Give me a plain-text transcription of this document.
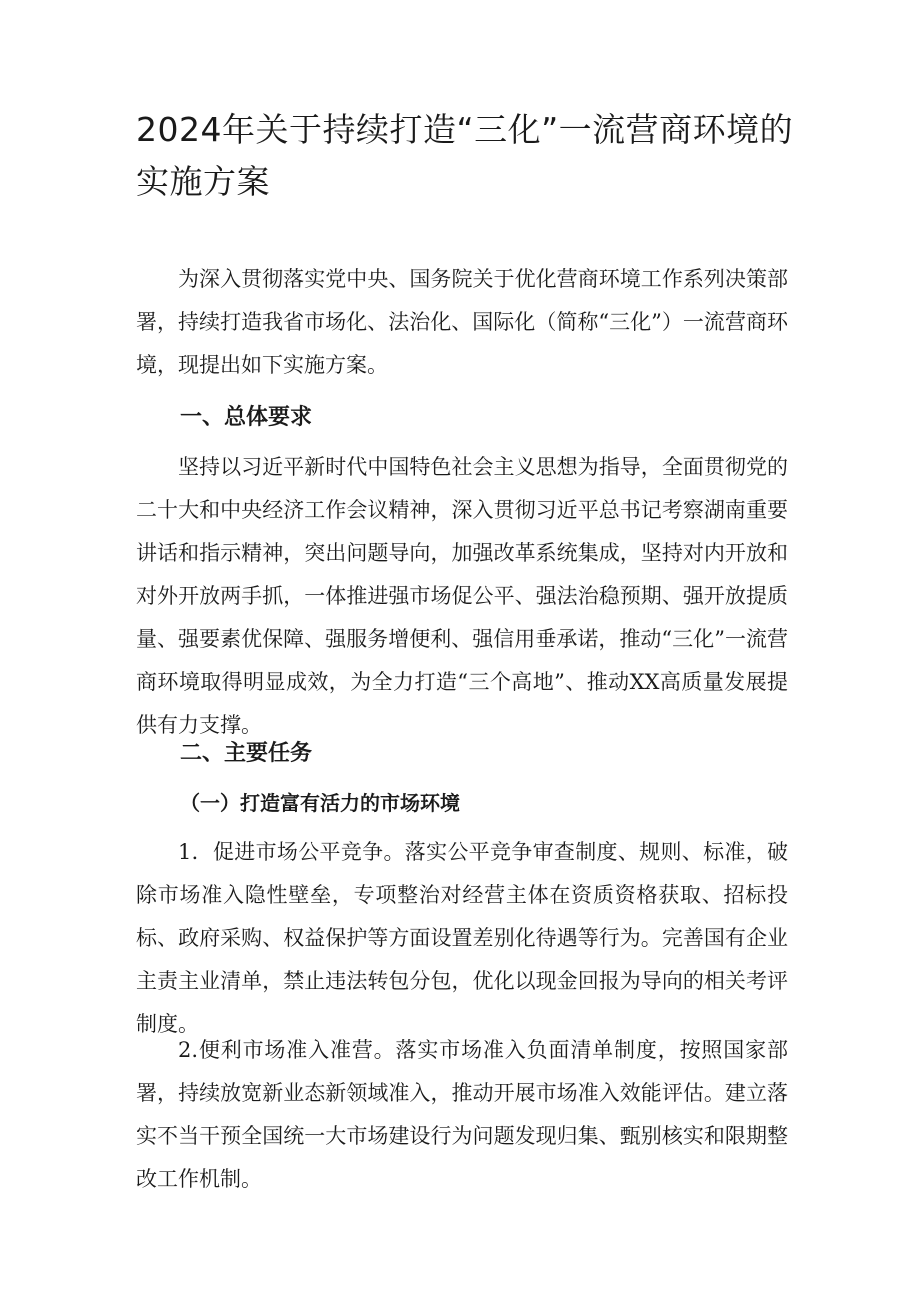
2024年关于持续打造“三化”一流营商环境的实施方案

为深入贯彻落实党中央、国务院关于优化营商环境工作系列决策部署，持续打造我省市场化、法治化、国际化（简称“三化”）一流营商环境，现提出如下实施方案。

一、总体要求

坚持以习近平新时代中国特色社会主义思想为指导，全面贯彻党的二十大和中央经济工作会议精神，深入贯彻习近平总书记考察湖南重要讲话和指示精神，突出问题导向，加强改革系统集成，坚持对内开放和对外开放两手抓，一体推进强市场促公平、强法治稳预期、强开放提质量、强要素优保障、强服务增便利、强信用垂承诺，推动“三化”一流营商环境取得明显成效，为全力打造“三个高地”、推动XX高质量发展提供有力支撑。

二、主要任务
（一）打造富有活力的市场环境

1．促进市场公平竞争。落实公平竞争审查制度、规则、标准，破除市场准入隐性壁垒，专项整治对经营主体在资质资格获取、招标投标、政府采购、权益保护等方面设置差别化待遇等行为。完善国有企业主责主业清单，禁止违法转包分包，优化以现金回报为导向的相关考评制度。

2.便利市场准入准营。落实市场准入负面清单制度，按照国家部署，持续放宽新业态新领域准入，推动开展市场准入效能评估。建立落实不当干预全国统一大市场建设行为问题发现归集、甄别核实和限期整改工作机制。
